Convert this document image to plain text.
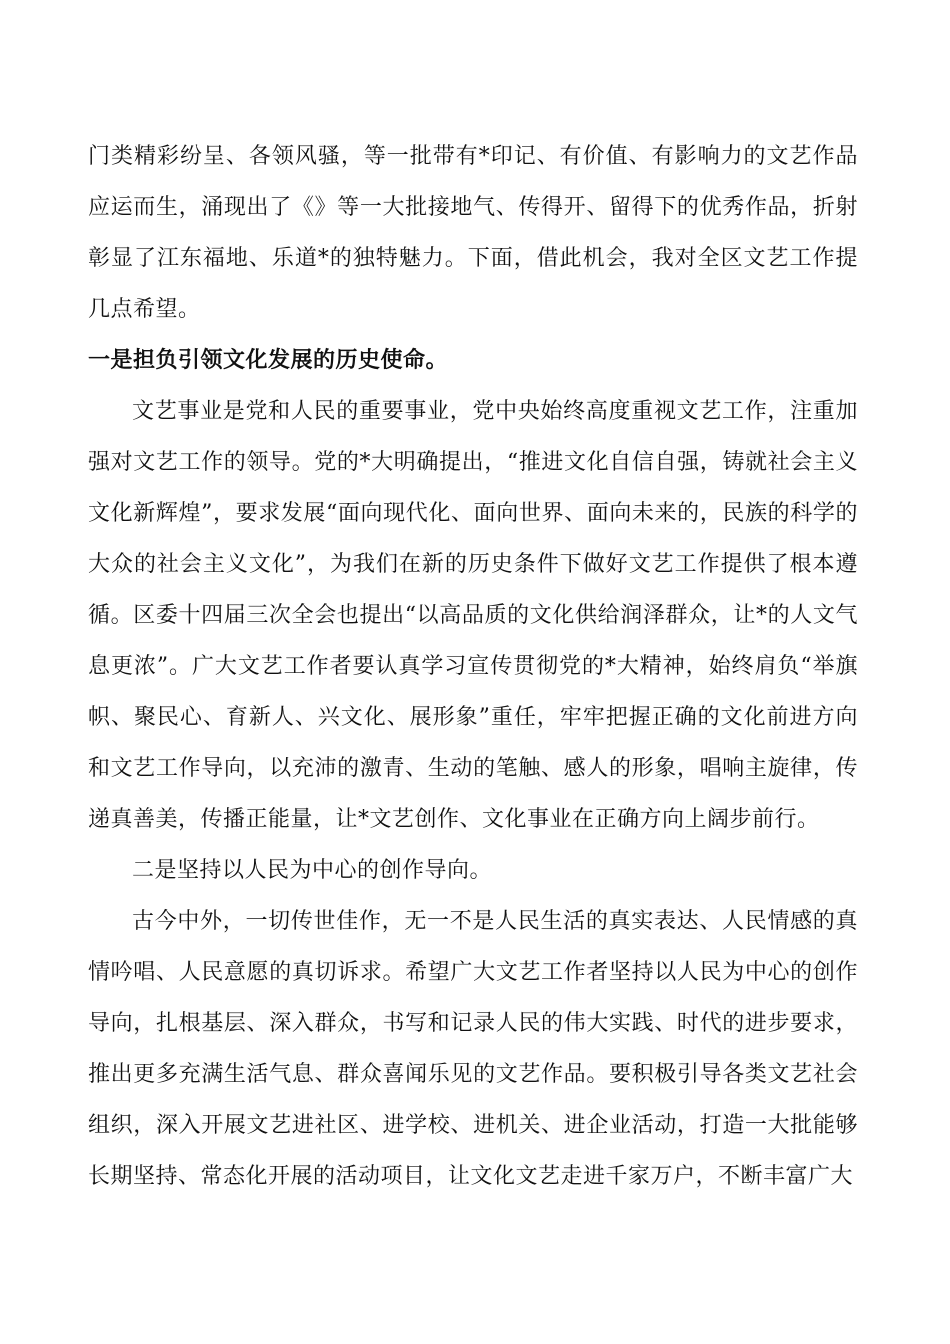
门类精彩纷呈、各领风骚，等一批带有*印记、有价值、有影响力的文艺作品应运而生，涌现出了《》等一大批接地气、传得开、留得下的优秀作品，折射彰显了江东福地、乐道*的独特魅力。下面，借此机会，我对全区文艺工作提几点希望。

一是担负引领文化发展的历史使命。

文艺事业是党和人民的重要事业，党中央始终高度重视文艺工作，注重加强对文艺工作的领导。党的*大明确提出，“推进文化自信自强，铸就社会主义文化新辉煌”，要求发展“面向现代化、面向世界、面向未来的，民族的科学的大众的社会主义文化”，为我们在新的历史条件下做好文艺工作提供了根本遵循。区委十四届三次全会也提出“以高品质的文化供给润泽群众，让*的人文气息更浓”。广大文艺工作者要认真学习宣传贯彻党的*大精神，始终肩负“举旗帜、聚民心、育新人、兴文化、展形象”重任，牢牢把握正确的文化前进方向和文艺工作导向，以充沛的激青、生动的笔触、感人的形象，唱响主旋律，传递真善美，传播正能量，让*文艺创作、文化事业在正确方向上阔步前行。

二是坚持以人民为中心的创作导向。

古今中外，一切传世佳作，无一不是人民生活的真实表达、人民情感的真情吟唱、人民意愿的真切诉求。希望广大文艺工作者坚持以人民为中心的创作导向，扎根基层、深入群众，书写和记录人民的伟大实践、时代的进步要求，推出更多充满生活气息、群众喜闻乐见的文艺作品。要积极引导各类文艺社会组织，深入开展文艺进社区、进学校、进机关、进企业活动，打造一大批能够长期坚持、常态化开展的活动项目，让文化文艺走进千家万户，不断丰富广大
